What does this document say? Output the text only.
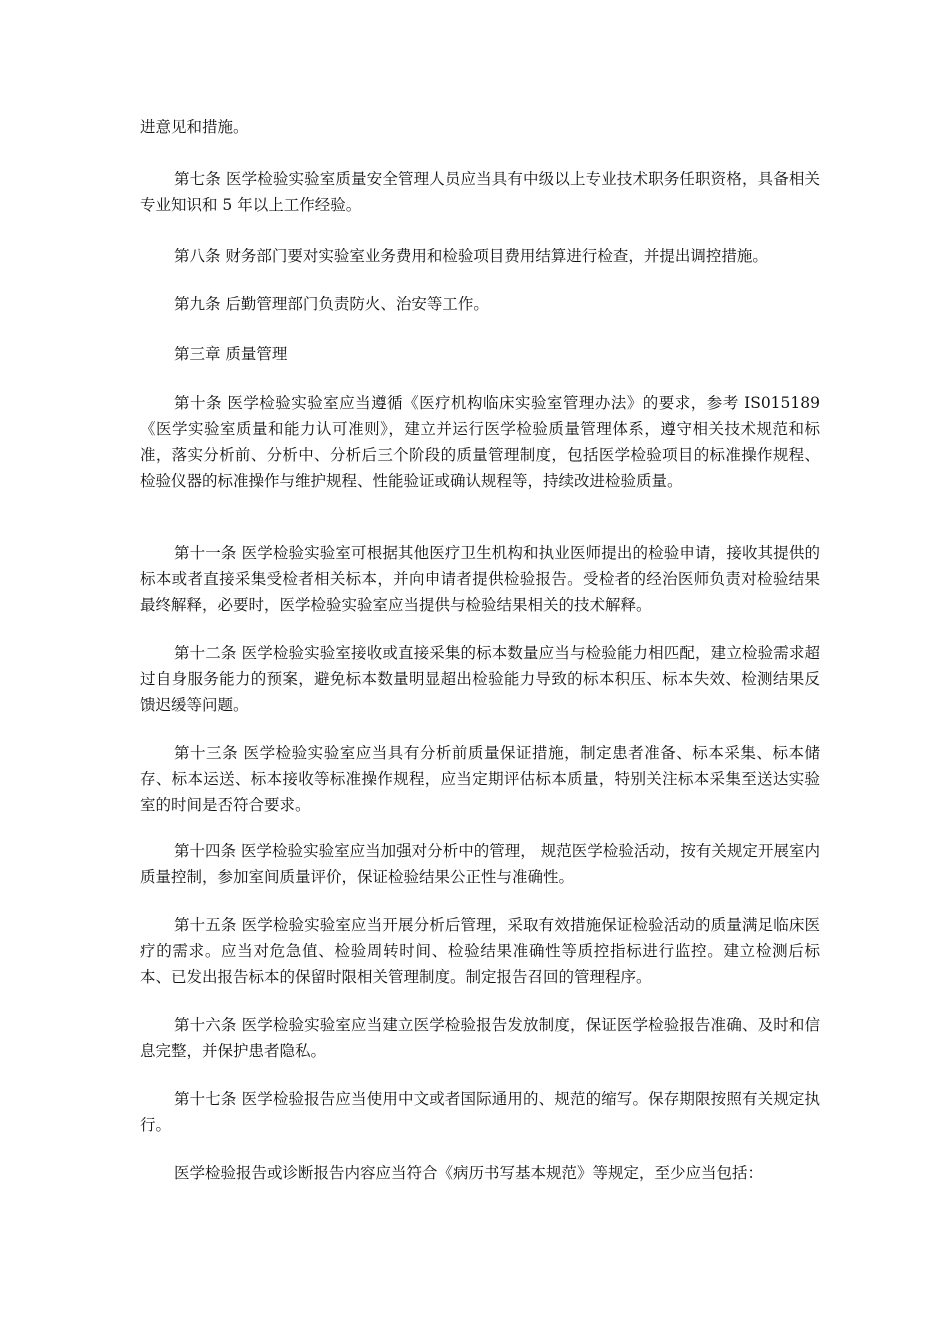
进意见和措施。

第七条 医学检验实验室质量安全管理人员应当具有中级以上专业技术职务任职资格，具备相关专业知识和 5 年以上工作经验。

第八条 财务部门要对实验室业务费用和检验项目费用结算进行检查，并提出调控措施。

第九条 后勤管理部门负责防火、治安等工作。

第三章 质量管理

第十条 医学检验实验室应当遵循《医疗机构临床实验室管理办法》的要求，参考 IS015189 《医学实验室质量和能力认可准则》，建立并运行医学检验质量管理体系，遵守相关技术规范和标准，落实分析前、分析中、分析后三个阶段的质量管理制度，包括医学检验项目的标准操作规程、检验仪器的标准操作与维护规程、性能验证或确认规程等，持续改进检验质量。

第十一条 医学检验实验室可根据其他医疗卫生机构和执业医师提出的检验申请，接收其提供的标本或者直接采集受检者相关标本，并向申请者提供检验报告。受检者的经治医师负责对检验结果最终解释，必要时，医学检验实验室应当提供与检验结果相关的技术解释。

第十二条 医学检验实验室接收或直接采集的标本数量应当与检验能力相匹配，建立检验需求超过自身服务能力的预案，避免标本数量明显超出检验能力导致的标本积压、标本失效、检测结果反馈迟缓等问题。

第十三条 医学检验实验室应当具有分析前质量保证措施，制定患者准备、标本采集、标本储存、标本运送、标本接收等标准操作规程，应当定期评估标本质量，特别关注标本采集至送达实验室的时间是否符合要求。

第十四条 医学检验实验室应当加强对分析中的管理， 规范医学检验活动，按有关规定开展室内质量控制，参加室间质量评价，保证检验结果公正性与准确性。

第十五条 医学检验实验室应当开展分析后管理，采取有效措施保证检验活动的质量满足临床医疗的需求。应当对危急值、检验周转时间、检验结果准确性等质控指标进行监控。建立检测后标本、已发出报告标本的保留时限相关管理制度。制定报告召回的管理程序。

第十六条 医学检验实验室应当建立医学检验报告发放制度，保证医学检验报告准确、及时和信息完整，并保护患者隐私。

第十七条 医学检验报告应当使用中文或者国际通用的、规范的缩写。保存期限按照有关规定执行。

医学检验报告或诊断报告内容应当符合《病历书写基本规范》等规定，至少应当包括：
